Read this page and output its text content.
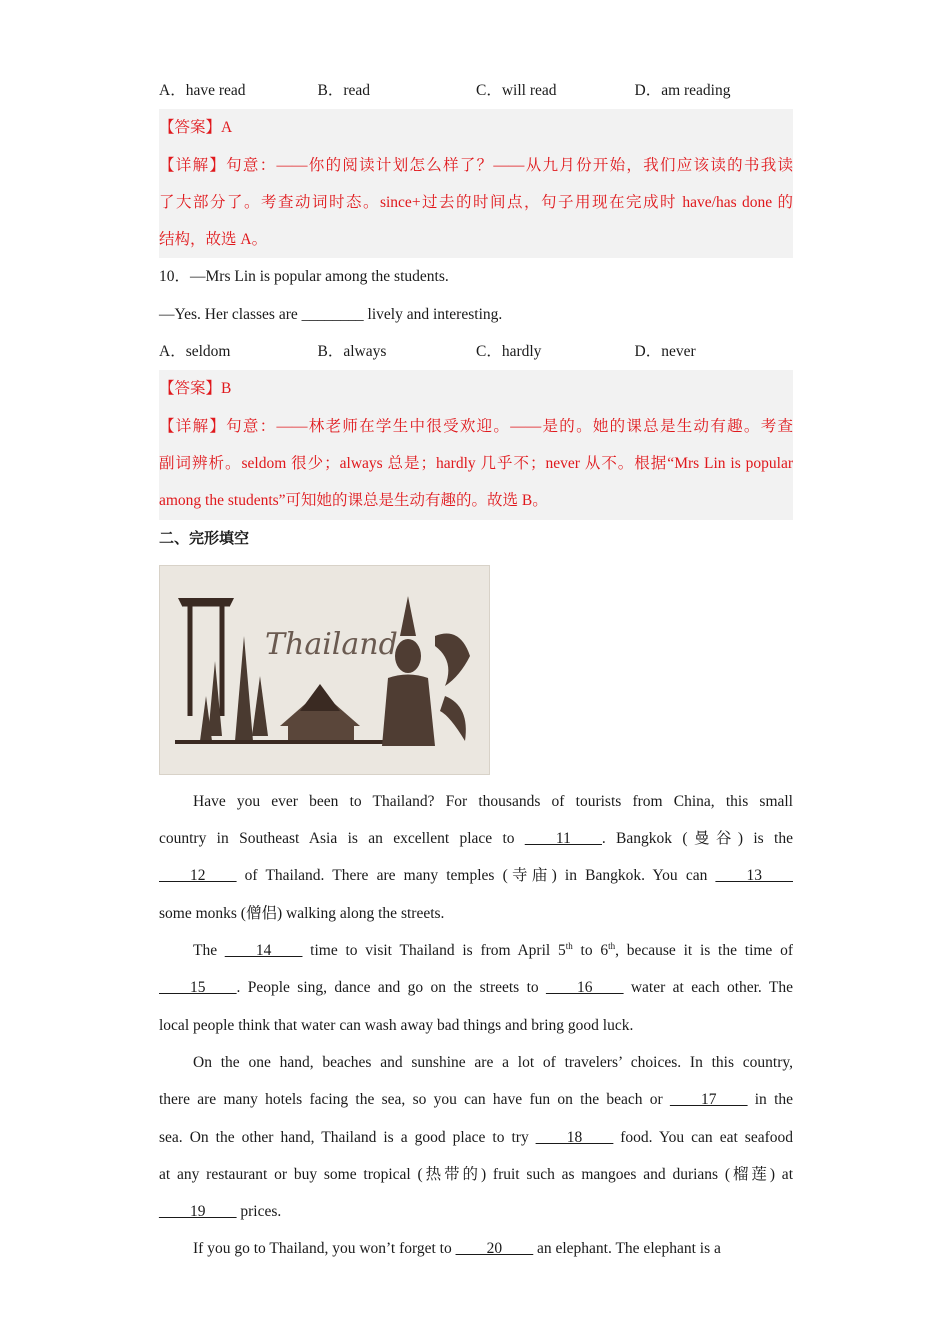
A．have read	B．read	C．will read	D．am reading
【答案】A
【详解】句意：——你的阅读计划怎么样了？——从九月份开始，我们应该读的书我读
了大部分了。考查动词时态。since+过去的时间点，句子用现在完成时 have/has done 的
结构，故选 A。
10．—Mrs Lin is popular among the students.
—Yes. Her classes are ________ lively and interesting.
A．seldom	B．always	C．hardly	D．never
【答案】B
【详解】句意：——林老师在学生中很受欢迎。——是的。她的课总是生动有趣。考查
副词辨析。seldom 很少；always 总是；hardly 几乎不；never 从不。根据“Mrs Lin is popular
among the students”可知她的课总是生动有趣的。故选 B。
二、完形填空
Thailand
Have you ever been to Thailand? For thousands of tourists from China, this small
country in Southeast Asia is an excellent place to ____11____. Bangkok (曼谷) is the
____12____ of Thailand. There are many temples (寺庙) in Bangkok. You can ____13____
some monks (僧侣) walking along the streets.
The ____14____ time to visit Thailand is from April 5th to 6th, because it is the time of
____15____. People sing, dance and go on the streets to ____16____ water at each other. The
local people think that water can wash away bad things and bring good luck.
On the one hand, beaches and sunshine are a lot of travelers’ choices. In this country,
there are many hotels facing the sea, so you can have fun on the beach or ____17____ in the
sea. On the other hand, Thailand is a good place to try ____18____ food. You can eat seafood
at any restaurant or buy some tropical (热带的) fruit such as mangoes and durians (榴莲) at
____19____ prices.
If you go to Thailand, you won’t forget to ____20____ an elephant. The elephant is a
